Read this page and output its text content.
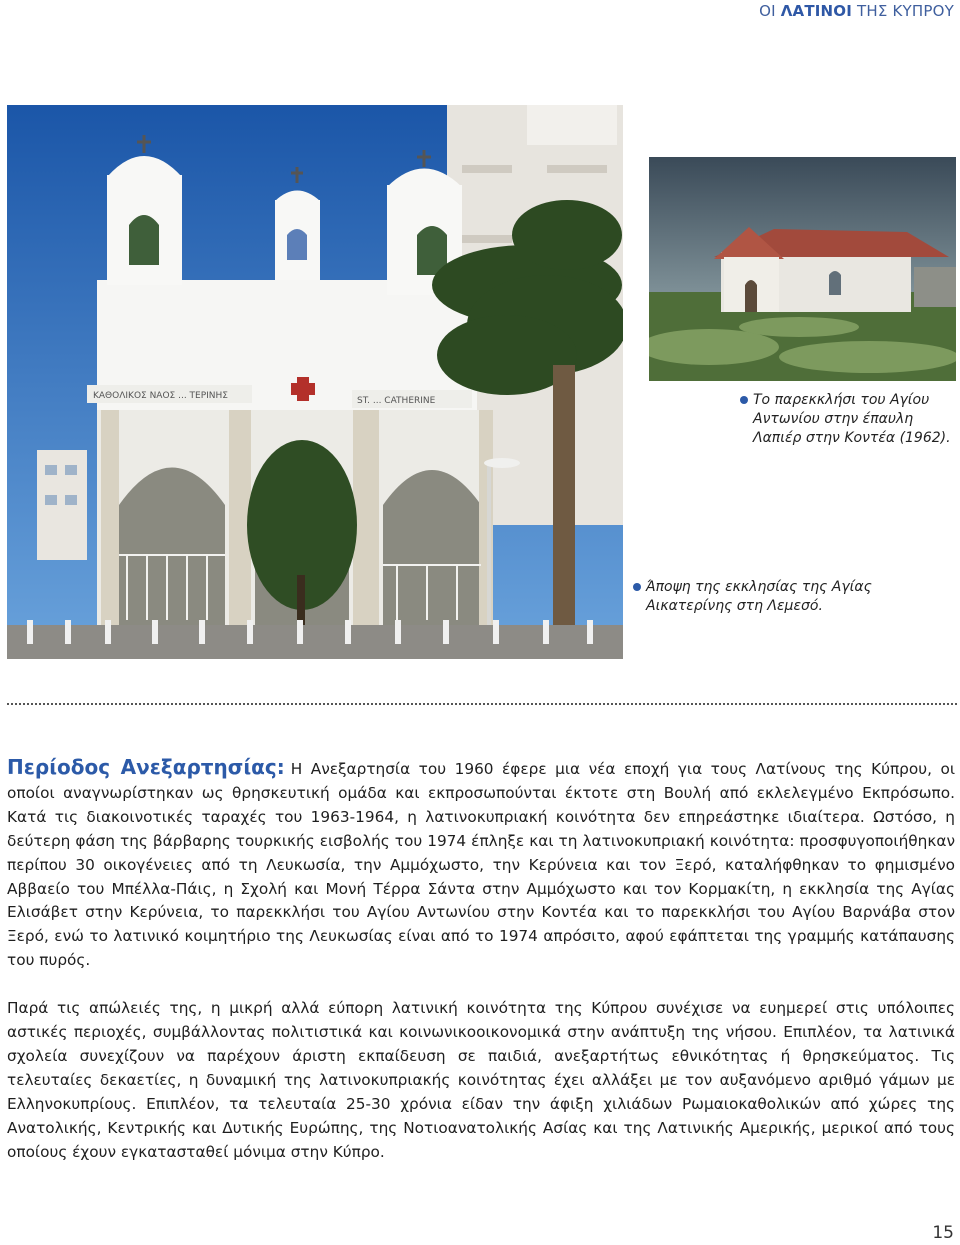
ΟΙ ΛΑΤΙΝΟΙ ΤΗΣ ΚΥΠΡΟΥ
ΚΑΘΟΛΙΚΟΣ ΝΑΟΣ ... ΤΕΡΙΝΗΣ	ST. ... CATHERINE	Το παρεκκλήσι του Αγίου Αντωνίου στην έπαυλη Λαπιέρ στην Κοντέα (1962).
Άποψη της εκκλησίας της Αγίας Αικατερίνης στη Λεμεσό.

Περίοδος Ανεξαρτησίας: Η Ανεξαρτησία του 1960 έφερε μια νέα εποχή για τους Λατίνους της Κύπρου, οι οποίοι αναγνωρίστηκαν ως θρησκευτική ομάδα και εκπροσωπούνται έκτοτε στη Βουλή από εκλελεγμένο Εκπρόσωπο. Κατά τις διακοινοτικές ταραχές του 1963-1964, η λατινοκυπριακή κοινότητα δεν επηρεάστηκε ιδιαίτερα. Ωστόσο, η δεύτερη φάση της βάρβαρης τουρκικής εισβολής του 1974 έπληξε και τη λατινοκυπριακή κοινότητα: προσφυγοποιήθηκαν περίπου 30 οικογένειες από τη Λευκωσία, την Αμμόχωστο, την Κερύνεια και τον Ξερό, καταλήφθηκαν το φημισμένο Αββαείο του Μπέλλα-Πάις, η Σχολή και Μονή Τέρρα Σάντα στην Αμμόχωστο και τον Κορμακίτη, η εκκλησία της Αγίας Ελισάβετ στην Κερύνεια, το παρεκκλήσι του Αγίου Αντωνίου στην Κοντέα και το παρεκκλήσι του Αγίου Βαρνάβα στον Ξερό, ενώ το λατινικό κοιμητήριο της Λευκωσίας είναι από το 1974 απρόσιτο, αφού εφάπτεται της γραμμής κατάπαυσης του πυρός.

Παρά τις απώλειές της, η μικρή αλλά εύπορη λατινική κοινότητα της Κύπρου συνέχισε να ευημερεί στις υπόλοιπες αστικές περιοχές, συμβάλλοντας πολιτιστικά και κοινωνικοοικονομικά στην ανάπτυξη της νήσου. Επιπλέον, τα λατινικά σχολεία συνεχίζουν να παρέχουν άριστη εκπαίδευση σε παιδιά, ανεξαρτήτως εθνικότητας ή θρησκεύματος. Τις τελευταίες δεκαετίες, η δυναμική της λατινοκυπριακής κοινότητας έχει αλλάξει με τον αυξανόμενο αριθμό γάμων με Ελληνοκυπρίους. Επιπλέον, τα τελευταία 25-30 χρόνια είδαν την άφιξη χιλιάδων Ρωμαιοκαθολικών από χώρες της Ανατολικής, Κεντρικής και Δυτικής Ευρώπης, της Νοτιοανατολικής Ασίας και της Λατινικής Αμερικής, μερικοί από τους οποίους έχουν εγκατασταθεί μόνιμα στην Κύπρο.

15
